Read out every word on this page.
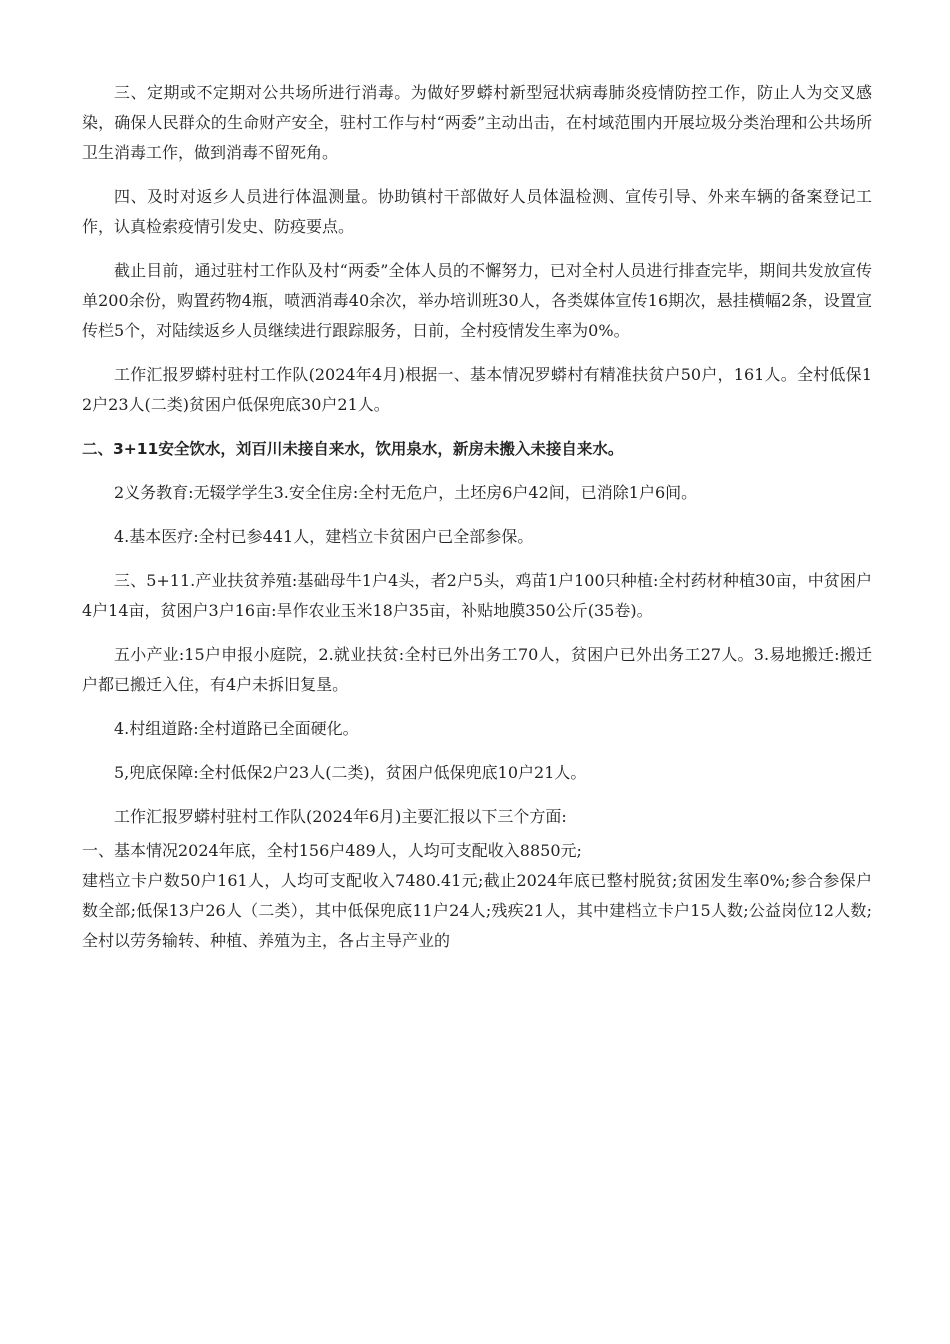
三、定期或不定期对公共场所进行消毒。为做好罗蟒村新型冠状病毒肺炎疫情防控工作，防止人为交叉感染，确保人民群众的生命财产安全，驻村工作与村“两委”主动出击，在村域范围内开展垃圾分类治理和公共场所卫生消毒工作，做到消毒不留死角。

四、及时对返乡人员进行体温测量。协助镇村干部做好人员体温检测、宣传引导、外来车辆的备案登记工作，认真检索疫情引发史、防疫要点。

截止目前，通过驻村工作队及村“两委”全体人员的不懈努力，已对全村人员进行排查完毕，期间共发放宣传单200余份，购置药物4瓶，喷洒消毒40余次，举办培训班30人，各类媒体宣传16期次，悬挂横幅2条，设置宣传栏5个，对陆续返乡人员继续进行跟踪服务，日前，全村疫情发生率为0%。

工作汇报罗蟒村驻村工作队(2024年4月)根据一、基本情况罗蟒村有精准扶贫户50户，161人。全村低保12户23人(二类)贫困户低保兜底30户21人。

二、3+11安全饮水，刘百川未接自来水，饮用泉水，新房未搬入未接自来水。

2义务教育:无辍学学生3.安全住房:全村无危户，土坯房6户42间，已消除1户6间。

4.基本医疗:全村已参441人，建档立卡贫困户已全部参保。

三、5+11.产业扶贫养殖:基础母牛1户4头，者2户5头，鸡苗1户100只种植:全村药材种植30亩，中贫困户4户14亩，贫困户3户16亩:旱作农业玉米18户35亩，补贴地膜350公斤(35卷)。

五小产业:15户申报小庭院，2.就业扶贫:全村已外出务工70人，贫困户已外出务工27人。3.易地搬迁:搬迁户都已搬迁入住，有4户未拆旧复垦。

4.村组道路:全村道路已全面硬化。

5,兜底保障:全村低保2户23人(二类)，贫困户低保兜底10户21人。

工作汇报罗蟒村驻村工作队(2024年6月)主要汇报以下三个方面:

一、基本情况2024年底，全村156户489人，人均可支配收入8850元;

建档立卡户数50户161人，人均可支配收入7480.41元;截止2024年底已整村脱贫;贫困发生率0%;参合参保户数全部;低保13户26人（二类），其中低保兜底11户24人;残疾21人，其中建档立卡户15人数;公益岗位12人数;全村以劳务输转、种植、养殖为主，各占主导产业的
